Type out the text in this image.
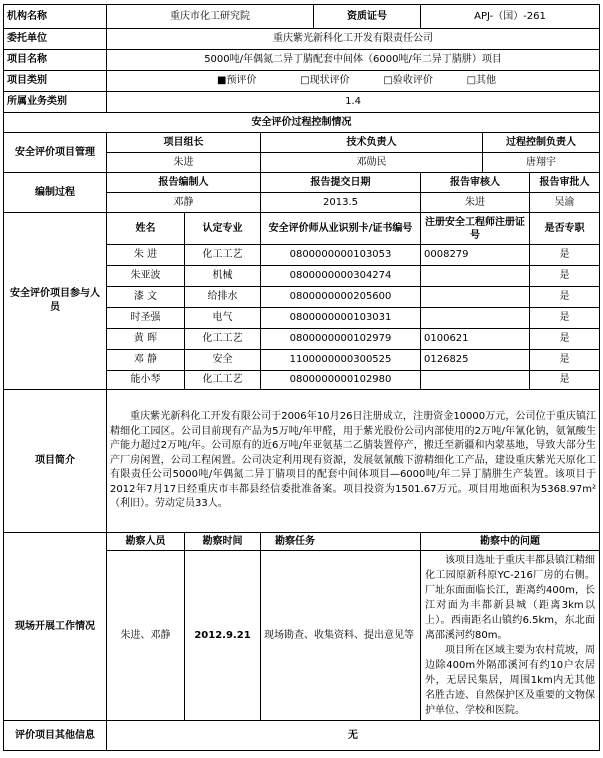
机构名称	重庆市化工研究院			资质证号	APJ-（国）-261		
委托单位	重庆紫光新科化工开发有限责任公司						
项目名称	5000吨/年偶氮二异丁腈配套中间体（6000吨/年二异丁腈肼）项目						
项目类别	■预评价 □现状评价 □验收评价 □其他						
所属业务类别	1.4						
安全评价过程控制情况							
安全评价项目管理	项目组长		技术负责人			过程控制负责人	
	朱进		邓勋民			唐翔宇	
编制过程	报告编制人		报告提交日期		报告审核人		报告审批人
	邓静		2013.5		朱进		吴渝
安全评价项目参与人员	姓名	认定专业	安全评价师从业识别卡/证书编号		注册安全工程师注册证号		是否专职
	朱 进	化工工艺	0800000000103053		0008279		是
	朱亚波	机械	0800000000304274				是
	漆 文	给排水	0800000000205600				是
	时圣强	电气	0800000000103031				是
	黄 晖	化工工艺	0800000000102979		0100621		是
	邓 静	安全	1100000000300525		0126825		是
	能小琴	化工工艺	0800000000102980				是
项目简介	重庆紫光新科化工开发有限公司于2006年10月26日注册成立，注册资金10000万元，公司位于重庆镇江精细化工园区。公司目前现有产品为5万吨/年甲醛，用于紫光股份公司内部使用的2万吨/年氰化钠，氨氰酸生产能力超过2万吨/年。公司原有的近6万吨/年亚氨基二乙腈装置停产，搬迁至新疆和内蒙基地，导致大部分生产厂房闲置，公司工程闲置。公司决定利用现有资源，发展氨氰酸下游精细化工产品，建设重庆紫光天原化工有限责任公司5000吨/年偶氮二异丁腈项目的配套中间体项目—6000吨/年二异丁腈肼生产装置。该项目于2012年7月17日经重庆市丰都县经信委批准备案。项目投资为1501.67万元。项目用地面积为5368.97m²（利旧）。劳动定员33人。						
现场开展工作情况	勘察人员	勘察时间	勘察任务		勘察中的问题		
	朱进、邓静	2012.9.21	现场勘查、收集资料、提出意见等		该项目选址于重庆丰都县镇江精细化工园原新科原YC-216厂房的右侧。厂址东面面临长江，距离约400m，长江对面为丰都新县城（距离3km以上）。西南距名山镇约6.5km，东北面离邵溪河约80m。
项目所在区域主要为农村荒坡，周边除400m外隔邵溪河有约10户农居外，无居民集居，周围1km内无其他名胜古迹、自然保护区及重要的文物保护单位、学校和医院。		

评价项目其他信息	无						
